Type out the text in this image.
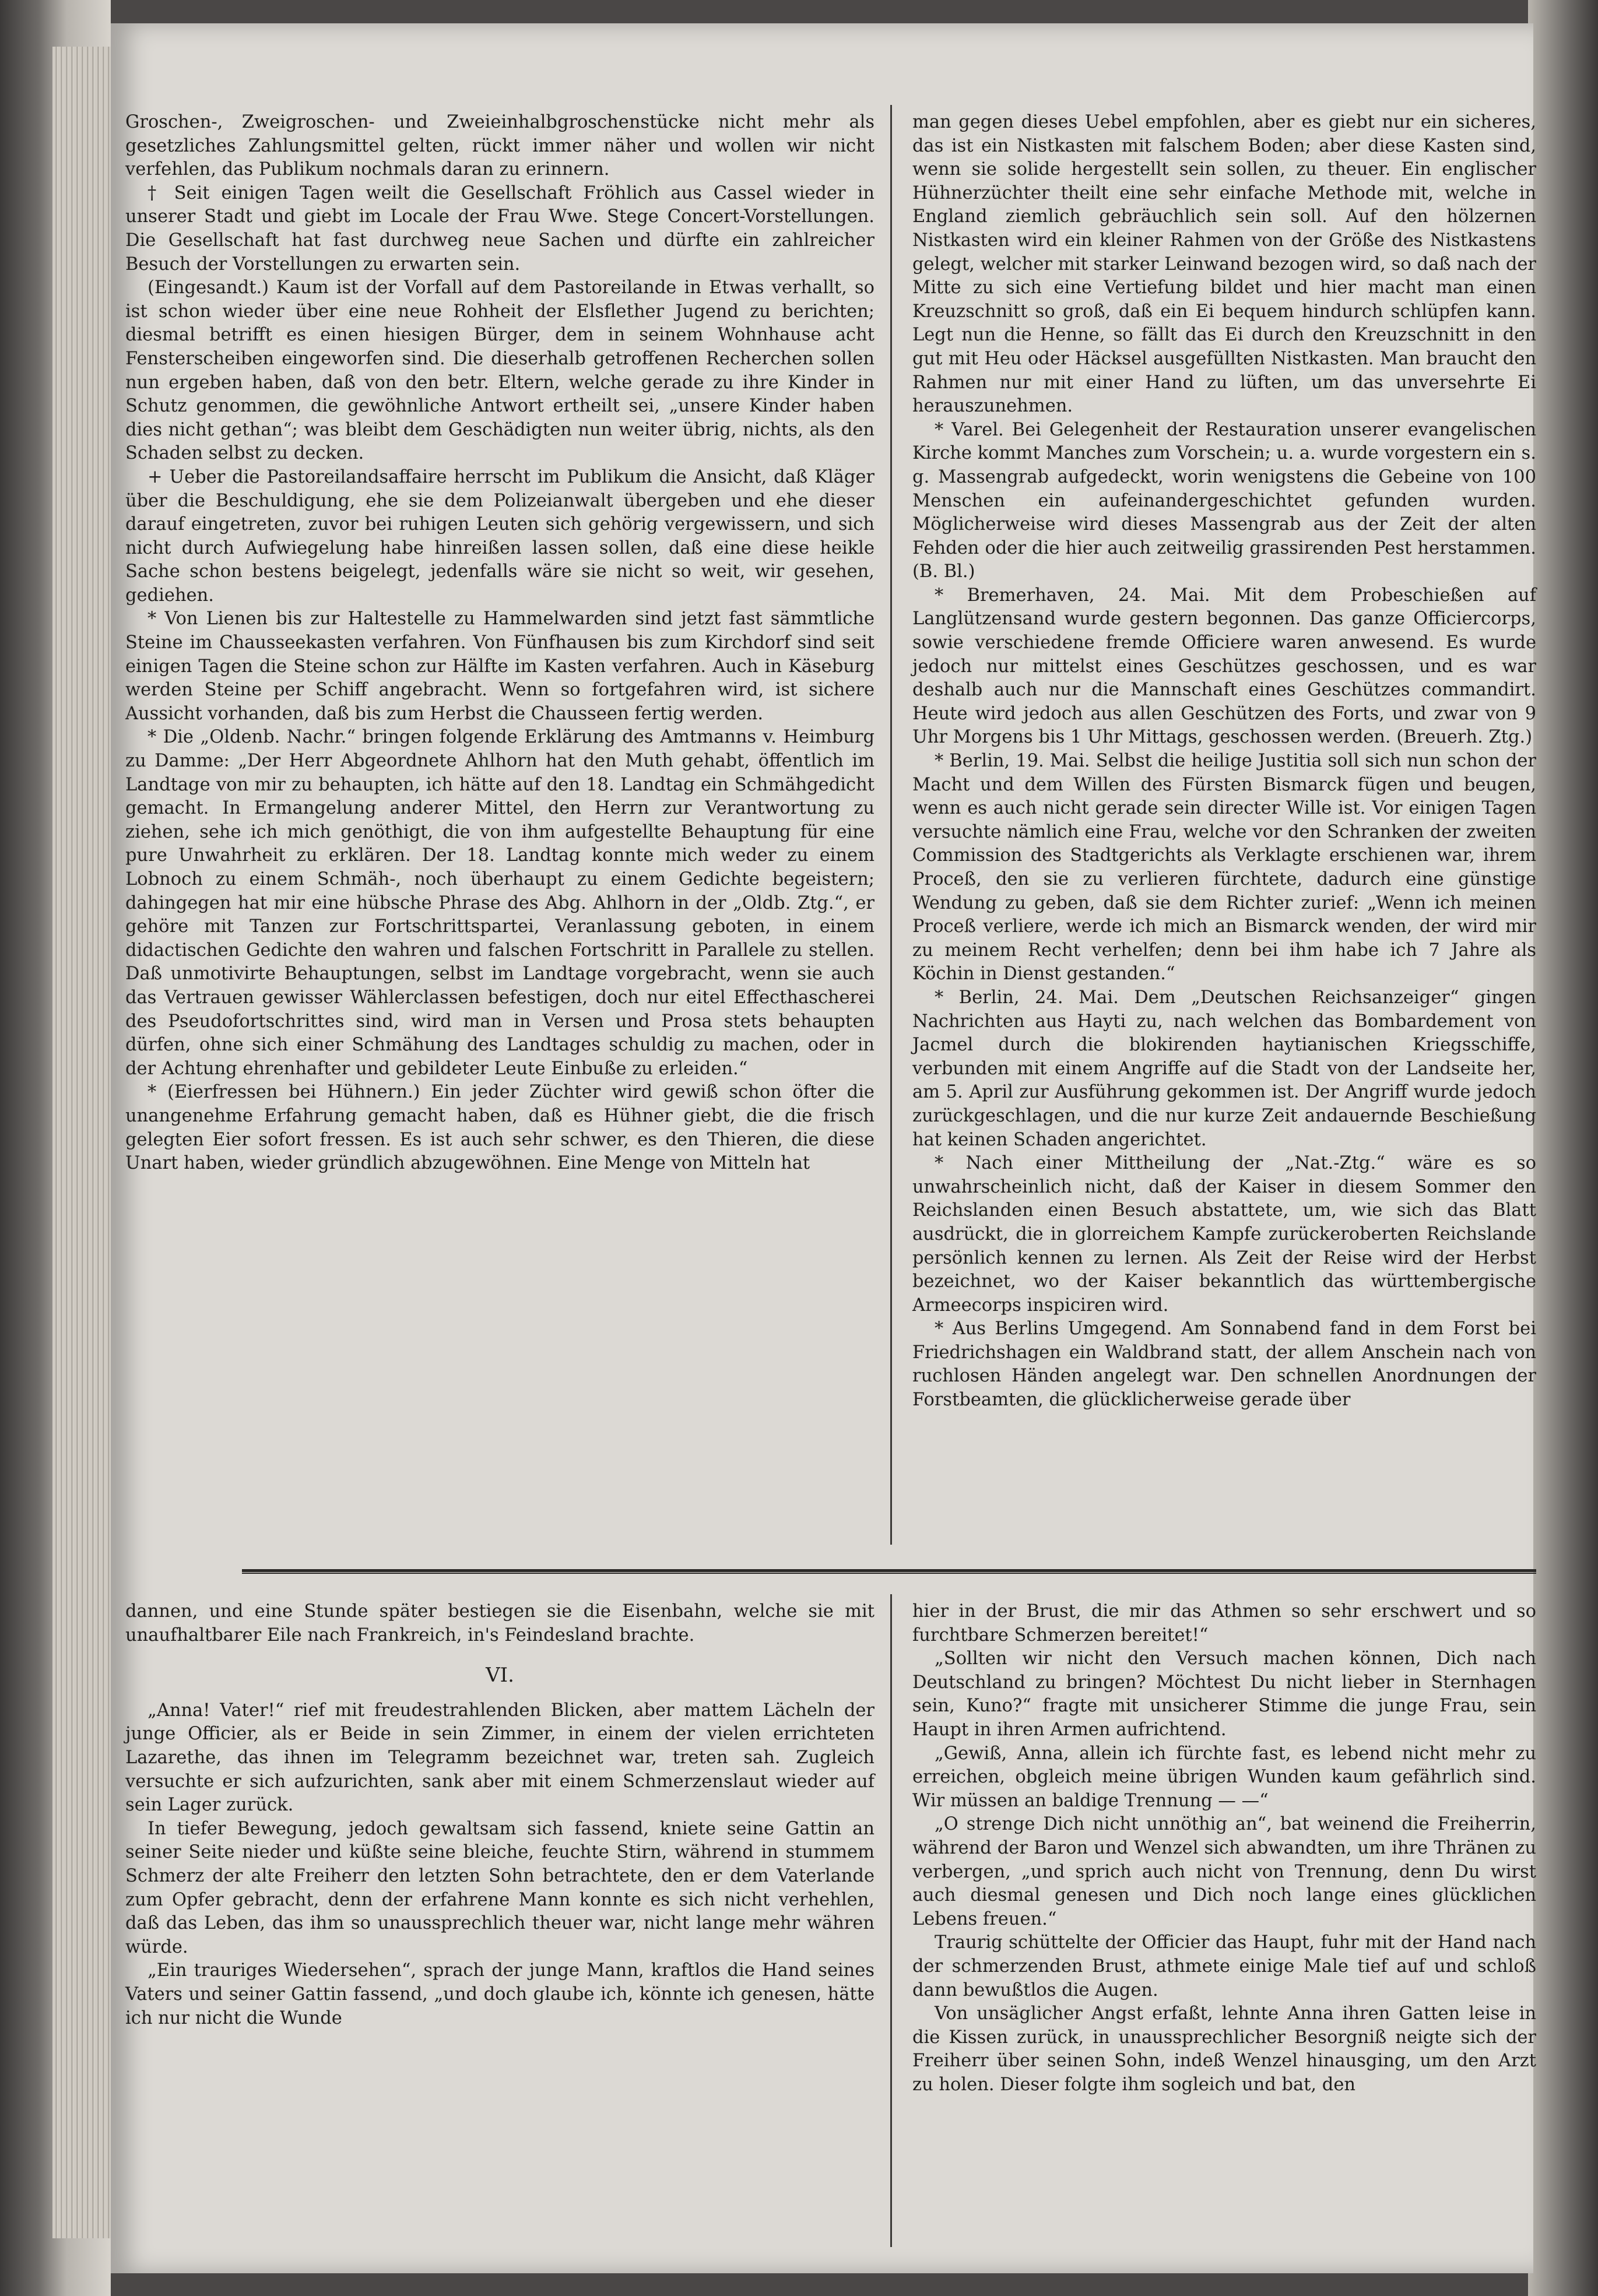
Groschen-, Zweigroschen- und Zweieinhalbgroschenstücke nicht mehr als gesetzliches Zahlungsmittel gelten, rückt immer näher und wollen wir nicht verfehlen, das Publikum nochmals daran zu erinnern.

† Seit einigen Tagen weilt die Gesellschaft Fröhlich aus Cassel wieder in unserer Stadt und giebt im Locale der Frau Wwe. Stege Concert-Vorstellungen. Die Gesellschaft hat fast durchweg neue Sachen und dürfte ein zahlreicher Besuch der Vorstellungen zu erwarten sein.

(Eingesandt.) Kaum ist der Vorfall auf dem Pastoreilande in Etwas verhallt, so ist schon wieder über eine neue Rohheit der Elsflether Jugend zu berichten; diesmal betrifft es einen hiesigen Bürger, dem in seinem Wohnhause acht Fensterscheiben eingeworfen sind. Die dieserhalb getroffenen Recherchen sollen nun ergeben haben, daß von den betr. Eltern, welche gerade zu ihre Kinder in Schutz genommen, die gewöhnliche Antwort ertheilt sei, „unsere Kinder haben dies nicht gethan“; was bleibt dem Geschädigten nun weiter übrig, nichts, als den Schaden selbst zu decken.

+ Ueber die Pastoreilandsaffaire herrscht im Publikum die Ansicht, daß Kläger über die Beschuldigung, ehe sie dem Polizeianwalt übergeben und ehe dieser darauf eingetreten, zuvor bei ruhigen Leuten sich gehörig vergewissern, und sich nicht durch Aufwiegelung habe hinreißen lassen sollen, daß eine diese heikle Sache schon bestens beigelegt, jedenfalls wäre sie nicht so weit, wir gesehen, gediehen.

* Von Lienen bis zur Haltestelle zu Hammelwarden sind jetzt fast sämmtliche Steine im Chausseekasten verfahren. Von Fünfhausen bis zum Kirchdorf sind seit einigen Tagen die Steine schon zur Hälfte im Kasten verfahren. Auch in Käseburg werden Steine per Schiff angebracht. Wenn so fortgefahren wird, ist sichere Aussicht vorhanden, daß bis zum Herbst die Chausseen fertig werden.

* Die „Oldenb. Nachr.“ bringen folgende Erklärung des Amtmanns v. Heimburg zu Damme: „Der Herr Abgeordnete Ahlhorn hat den Muth gehabt, öffentlich im Landtage von mir zu behaupten, ich hätte auf den 18. Landtag ein Schmähgedicht gemacht. In Ermangelung anderer Mittel, den Herrn zur Verantwortung zu ziehen, sehe ich mich genöthigt, die von ihm aufgestellte Behauptung für eine pure Unwahrheit zu erklären. Der 18. Landtag konnte mich weder zu einem Lobnoch zu einem Schmäh-, noch überhaupt zu einem Gedichte begeistern; dahingegen hat mir eine hübsche Phrase des Abg. Ahlhorn in der „Oldb. Ztg.“, er gehöre mit Tanzen zur Fortschrittspartei, Veranlassung geboten, in einem didactischen Gedichte den wahren und falschen Fortschritt in Parallele zu stellen. Daß unmotivirte Behauptungen, selbst im Landtage vorgebracht, wenn sie auch das Vertrauen gewisser Wählerclassen befestigen, doch nur eitel Effecthascherei des Pseudofortschrittes sind, wird man in Versen und Prosa stets behaupten dürfen, ohne sich einer Schmähung des Landtages schuldig zu machen, oder in der Achtung ehrenhafter und gebildeter Leute Einbuße zu erleiden.“

* (Eierfressen bei Hühnern.) Ein jeder Züchter wird gewiß schon öfter die unangenehme Erfahrung gemacht haben, daß es Hühner giebt, die die frisch gelegten Eier sofort fressen. Es ist auch sehr schwer, es den Thieren, die diese Unart haben, wieder gründlich abzugewöhnen. Eine Menge von Mitteln hat

man gegen dieses Uebel empfohlen, aber es giebt nur ein sicheres, das ist ein Nistkasten mit falschem Boden; aber diese Kasten sind, wenn sie solide hergestellt sein sollen, zu theuer. Ein englischer Hühnerzüchter theilt eine sehr einfache Methode mit, welche in England ziemlich gebräuchlich sein soll. Auf den hölzernen Nistkasten wird ein kleiner Rahmen von der Größe des Nistkastens gelegt, welcher mit starker Leinwand bezogen wird, so daß nach der Mitte zu sich eine Vertiefung bildet und hier macht man einen Kreuzschnitt so groß, daß ein Ei bequem hindurch schlüpfen kann. Legt nun die Henne, so fällt das Ei durch den Kreuzschnitt in den gut mit Heu oder Häcksel ausgefüllten Nistkasten. Man braucht den Rahmen nur mit einer Hand zu lüften, um das unversehrte Ei herauszunehmen.

* Varel. Bei Gelegenheit der Restauration unserer evangelischen Kirche kommt Manches zum Vorschein; u. a. wurde vorgestern ein s. g. Massengrab aufgedeckt, worin wenigstens die Gebeine von 100 Menschen ein aufeinandergeschichtet gefunden wurden. Möglicherweise wird dieses Massengrab aus der Zeit der alten Fehden oder die hier auch zeitweilig grassirenden Pest herstammen. (B. Bl.)

* Bremerhaven, 24. Mai. Mit dem Probeschießen auf Langlützensand wurde gestern begonnen. Das ganze Officiercorps, sowie verschiedene fremde Officiere waren anwesend. Es wurde jedoch nur mittelst eines Geschützes geschossen, und es war deshalb auch nur die Mannschaft eines Geschützes commandirt. Heute wird jedoch aus allen Geschützen des Forts, und zwar von 9 Uhr Morgens bis 1 Uhr Mittags, geschossen werden. (Breuerh. Ztg.)

* Berlin, 19. Mai. Selbst die heilige Justitia soll sich nun schon der Macht und dem Willen des Fürsten Bismarck fügen und beugen, wenn es auch nicht gerade sein directer Wille ist. Vor einigen Tagen versuchte nämlich eine Frau, welche vor den Schranken der zweiten Commission des Stadtgerichts als Verklagte erschienen war, ihrem Proceß, den sie zu verlieren fürchtete, dadurch eine günstige Wendung zu geben, daß sie dem Richter zurief: „Wenn ich meinen Proceß verliere, werde ich mich an Bismarck wenden, der wird mir zu meinem Recht verhelfen; denn bei ihm habe ich 7 Jahre als Köchin in Dienst gestanden.“

* Berlin, 24. Mai. Dem „Deutschen Reichsanzeiger“ gingen Nachrichten aus Hayti zu, nach welchen das Bombardement von Jacmel durch die blokirenden haytianischen Kriegsschiffe, verbunden mit einem Angriffe auf die Stadt von der Landseite her, am 5. April zur Ausführung gekommen ist. Der Angriff wurde jedoch zurückgeschlagen, und die nur kurze Zeit andauernde Beschießung hat keinen Schaden angerichtet.

* Nach einer Mittheilung der „Nat.-Ztg.“ wäre es so unwahrscheinlich nicht, daß der Kaiser in diesem Sommer den Reichslanden einen Besuch abstattete, um, wie sich das Blatt ausdrückt, die in glorreichem Kampfe zurückeroberten Reichslande persönlich kennen zu lernen. Als Zeit der Reise wird der Herbst bezeichnet, wo der Kaiser bekanntlich das württembergische Armeecorps inspiciren wird.

* Aus Berlins Umgegend. Am Sonnabend fand in dem Forst bei Friedrichshagen ein Waldbrand statt, der allem Anschein nach von ruchlosen Händen angelegt war. Den schnellen Anordnungen der Forstbeamten, die glücklicherweise gerade über

dannen, und eine Stunde später bestiegen sie die Eisenbahn, welche sie mit unaufhaltbarer Eile nach Frankreich, in's Feindesland brachte.

VI.

„Anna! Vater!“ rief mit freudestrahlenden Blicken, aber mattem Lächeln der junge Officier, als er Beide in sein Zimmer, in einem der vielen errichteten Lazarethe, das ihnen im Telegramm bezeichnet war, treten sah. Zugleich versuchte er sich aufzurichten, sank aber mit einem Schmerzenslaut wieder auf sein Lager zurück.

In tiefer Bewegung, jedoch gewaltsam sich fassend, kniete seine Gattin an seiner Seite nieder und küßte seine bleiche, feuchte Stirn, während in stummem Schmerz der alte Freiherr den letzten Sohn betrachtete, den er dem Vaterlande zum Opfer gebracht, denn der erfahrene Mann konnte es sich nicht verhehlen, daß das Leben, das ihm so unaussprechlich theuer war, nicht lange mehr währen würde.

„Ein trauriges Wiedersehen“, sprach der junge Mann, kraftlos die Hand seines Vaters und seiner Gattin fassend, „und doch glaube ich, könnte ich genesen, hätte ich nur nicht die Wunde

hier in der Brust, die mir das Athmen so sehr erschwert und so furchtbare Schmerzen bereitet!“

„Sollten wir nicht den Versuch machen können, Dich nach Deutschland zu bringen? Möchtest Du nicht lieber in Sternhagen sein, Kuno?“ fragte mit unsicherer Stimme die junge Frau, sein Haupt in ihren Armen aufrichtend.

„Gewiß, Anna, allein ich fürchte fast, es lebend nicht mehr zu erreichen, obgleich meine übrigen Wunden kaum gefährlich sind. Wir müssen an baldige Trennung — —“

„O strenge Dich nicht unnöthig an“, bat weinend die Freiherrin, während der Baron und Wenzel sich abwandten, um ihre Thränen zu verbergen, „und sprich auch nicht von Trennung, denn Du wirst auch diesmal genesen und Dich noch lange eines glücklichen Lebens freuen.“

Traurig schüttelte der Officier das Haupt, fuhr mit der Hand nach der schmerzenden Brust, athmete einige Male tief auf und schloß dann bewußtlos die Augen.

Von unsäglicher Angst erfaßt, lehnte Anna ihren Gatten leise in die Kissen zurück, in unaussprechlicher Besorgniß neigte sich der Freiherr über seinen Sohn, indeß Wenzel hinausging, um den Arzt zu holen. Dieser folgte ihm sogleich und bat, den
